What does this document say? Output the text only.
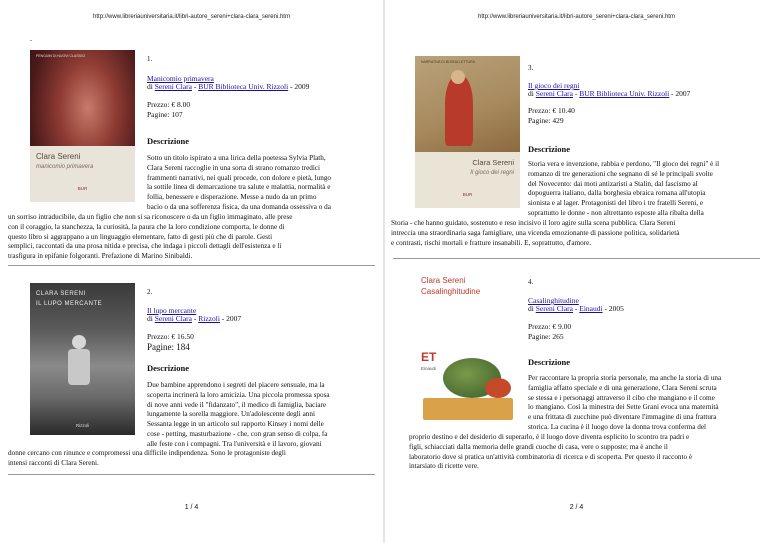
http://www.libreriauniversitaria.it/libri-autore_sereni+clara-clara_sereni.htm
.
PENGUIN DI NUOVI CLASSICI
Clara Sereni
manicomio primavera
BUR
1.
Manicomio primavera
di Sereni Clara - BUR Biblioteca Univ. Rizzoli - 2009
Prezzo: € 8.00
Pagine: 107
Descrizione
Sotto un titolo ispirato a una lirica della poetessa Sylvia Plath,
Clara Sereni raccoglie in una sorta di strano romanzo tredici
frammenti narrativi, nei quali procede, con dolore e pietà, lungo
la sottile linea di demarcazione tra salute e malattia, normalità e
follia, benessere e disperazione. Messe a nudo da un primo
bacio o da una sofferenza fisica, da una domanda ossessiva o da
un sorriso intraducibile, da un figlio che non si sa riconoscere o da un figlio immaginato, alle prese
con il coraggio, la stanchezza, la curiosità, la paura che la loro condizione comporta, le donne di
questo libro si aggrappano a un linguaggio elementare, fatto di gesti più che di parole. Gesti
semplici, raccontati da una prosa nitida e precisa, che indaga i piccoli dettagli dell'esistenza e li
trasfigura in epifanie folgoranti. Prefazione di Marino Sinibaldi.
CLARA SERENI
IL LUPO MERCANTE
Rizzoli
2.
Il lupo mercante
di Sereni Clara - Rizzoli - 2007
Prezzo: € 16.50
Pagine: 184
Descrizione
Due bambine apprendono i segreti del piacere sensuale, ma la
scoperta incrinerà la loro amicizia. Una piccola promessa sposa
di nove anni vede il "fidanzato", il medico di famiglia, baciare
lungamente la sorella maggiore. Un'adolescente degli anni
Sessanta legge in un articolo sul rapporto Kinsey i nomi delle
cose - petting, masturbazione - che, con gran senso di colpa, fa
alle feste con i compagni. Tra l'università e il lavoro, giovani
donne cercano con rinunce e compromessi una difficile indipendenza. Sono le protagoniste degli
intensi racconti di Clara Sereni.
1 / 4
http://www.libreriauniversitaria.it/libri-autore_sereni+clara-clara_sereni.htm
NARRATIVA DI BUONA LETTURA
Clara Sereni
Il gioco dei regni
BUR
3.
Il gioco dei regni
di Sereni Clara - BUR Biblioteca Univ. Rizzoli - 2007
Prezzo: € 10.40
Pagine: 429
Descrizione
Storia vera e invenzione, rabbia e perdono, "Il gioco dei regni" è il
romanzo di tre generazioni che segnano di sé le principali svolte
del Novecento: dai moti antizaristi a Stalin, dal fascismo al
dopoguerra italiano, dalla borghesia ebraica romana all'utopia
sionista e al lager. Protagonisti del libro i tre fratelli Sereni, e
soprattutto le donne - non altrettanto esposte alla ribalta della
Storia - che hanno guidato, sostenuto e reso incisivo il loro agire sulla scena pubblica. Clara Sereni
intreccia una straordinaria saga famigliare, una vicenda emozionante di passione politica, solidarietà
e contrasti, rischi mortali e fratture insanabili. E, soprattutto, d'amore.
Clara Sereni
Casalinghitudine
ET
Einaudi
4.
Casalinghitudine
di Sereni Clara - Einaudi - 2005
Prezzo: € 9.00
Pagine: 265
Descrizione
Per raccontare la propria storia personale, ma anche la storia di una
famiglia affatto speciale e di una generazione, Clara Sereni scruta
se stessa e i personaggi attraverso il cibo che mangiano e il come
lo mangiano. Così la minestra dei Sette Grani evoca una maternità
e una frittata di zucchine può diventare l'immagine di una frattura
storica. La cucina è il luogo dove la donna trova conferma del
proprio destino e del desiderio di superarlo, è il luogo dove diventa esplicito lo scontro tra padri e
figli, schiacciati dalla memoria delle grandi cuoche di casa, vere o supposte; ma è anche il
laboratorio dove si pratica un'attività combinatoria di ricerca e di scoperta. Per questo il racconto è
intarsiato di ricette vere.
2 / 4
